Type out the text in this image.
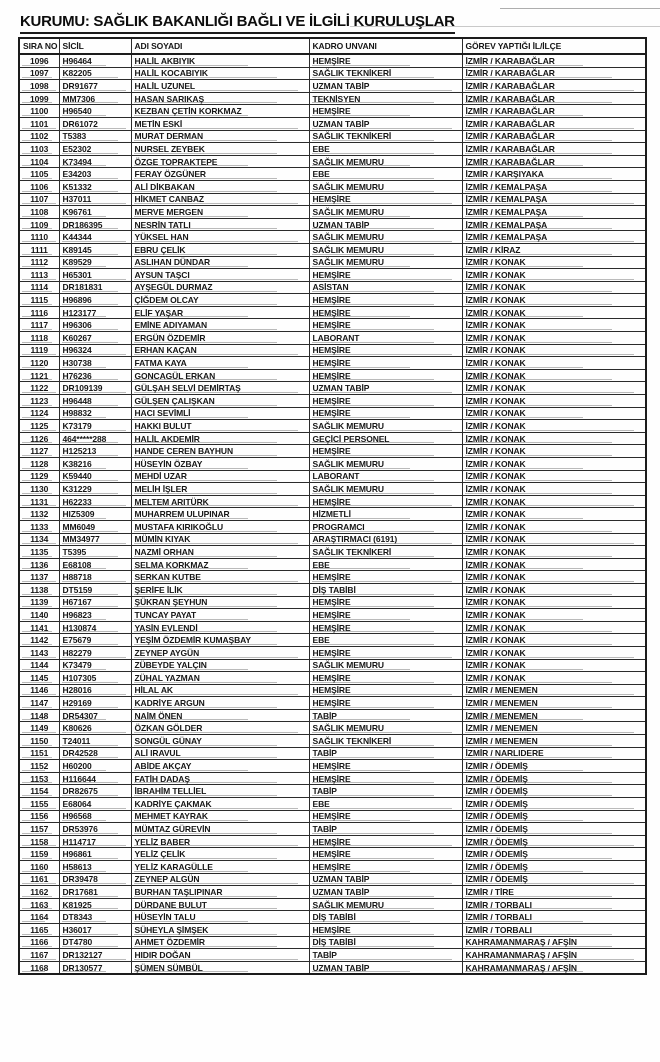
KURUMU: SAĞLIK BAKANLIĞI BAĞLI VE İLGİLİ KURULUŞLAR
SIRA NO	SİCİL	ADI SOYADI	KADRO UNVANI	GÖREV YAPTIĞI İL/İLÇE
1096	H96464	HALİL AKBIYIK	HEMŞİRE	İZMİR / KARABAĞLAR
1097	K82205	HALİL KOCABIYIK	SAĞLIK TEKNİKERİ	İZMİR / KARABAĞLAR
1098	DR91677	HALİL UZUNEL	UZMAN TABİP	İZMİR / KARABAĞLAR
1099	MM7306	HASAN SARIKAŞ	TEKNİSYEN	İZMİR / KARABAĞLAR
1100	H96540	KEZBAN ÇETİN KORKMAZ	HEMŞİRE	İZMİR / KARABAĞLAR
1101	DR61072	METİN ESKİ	UZMAN TABİP	İZMİR / KARABAĞLAR
1102	T5383	MURAT DERMAN	SAĞLIK TEKNİKERİ	İZMİR / KARABAĞLAR
1103	E52302	NURSEL ZEYBEK	EBE	İZMİR / KARABAĞLAR
1104	K73494	ÖZGE TOPRAKTEPE	SAĞLIK MEMURU	İZMİR / KARABAĞLAR
1105	E34203	FERAY ÖZGÜNER	EBE	İZMİR / KARŞIYAKA
1106	K51332	ALİ DİKBAKAN	SAĞLIK MEMURU	İZMİR / KEMALPAŞA
1107	H37011	HİKMET CANBAZ	HEMŞİRE	İZMİR / KEMALPAŞA
1108	K96761	MERVE MERGEN	SAĞLIK MEMURU	İZMİR / KEMALPAŞA
1109	DR186395	NESRİN TATLI	UZMAN TABİP	İZMİR / KEMALPAŞA
1110	K44344	YÜKSEL HAN	SAĞLIK MEMURU	İZMİR / KEMALPAŞA
1111	K89145	EBRU ÇELİK	SAĞLIK MEMURU	İZMİR / KİRAZ
1112	K89529	ASLIHAN DÜNDAR	SAĞLIK MEMURU	İZMİR / KONAK
1113	H65301	AYSUN TAŞCI	HEMŞİRE	İZMİR / KONAK
1114	DR181831	AYŞEGÜL DURMAZ	ASİSTAN	İZMİR / KONAK
1115	H96896	ÇİĞDEM OLCAY	HEMŞİRE	İZMİR / KONAK
1116	H123177	ELİF YAŞAR	HEMŞİRE	İZMİR / KONAK
1117	H96306	EMİNE ADIYAMAN	HEMŞİRE	İZMİR / KONAK
1118	K60267	ERGÜN ÖZDEMİR	LABORANT	İZMİR / KONAK
1119	H96324	ERHAN KAÇAN	HEMŞİRE	İZMİR / KONAK
1120	H30738	FATMA KAYA	HEMŞİRE	İZMİR / KONAK
1121	H76236	GONCAGÜL ERKAN	HEMŞİRE	İZMİR / KONAK
1122	DR109139	GÜLŞAH SELVİ DEMİRTAŞ	UZMAN TABİP	İZMİR / KONAK
1123	H96448	GÜLŞEN ÇALIŞKAN	HEMŞİRE	İZMİR / KONAK
1124	H98832	HACI SEVİMLİ	HEMŞİRE	İZMİR / KONAK
1125	K73179	HAKKI BULUT	SAĞLIK MEMURU	İZMİR / KONAK
1126	464*****288	HALİL AKDEMİR	GEÇİCİ PERSONEL	İZMİR / KONAK
1127	H125213	HANDE CEREN BAYHUN	HEMŞİRE	İZMİR / KONAK
1128	K38216	HÜSEYİN ÖZBAY	SAĞLIK MEMURU	İZMİR / KONAK
1129	K59440	MEHDİ UZAR	LABORANT	İZMİR / KONAK
1130	K31229	MELİH İŞLER	SAĞLIK MEMURU	İZMİR / KONAK
1131	H62233	MELTEM ARITÜRK	HEMŞİRE	İZMİR / KONAK
1132	HIZ5309	MUHARREM ULUPINAR	HİZMETLİ	İZMİR / KONAK
1133	MM6049	MUSTAFA KIRIKOĞLU	PROGRAMCI	İZMİR / KONAK
1134	MM34977	MÜMİN KIYAK	ARAŞTIRMACI (6191)	İZMİR / KONAK
1135	T5395	NAZMİ ORHAN	SAĞLIK TEKNİKERİ	İZMİR / KONAK
1136	E68108	SELMA KORKMAZ	EBE	İZMİR / KONAK
1137	H88718	SERKAN KUTBE	HEMŞİRE	İZMİR / KONAK
1138	DT5159	ŞERİFE İLİK	DİŞ TABİBİ	İZMİR / KONAK
1139	H67167	ŞÜKRAN ŞEYHUN	HEMŞİRE	İZMİR / KONAK
1140	H96823	TUNCAY PAYAT	HEMŞİRE	İZMİR / KONAK
1141	H130874	YASİN EVLENDİ	HEMŞİRE	İZMİR / KONAK
1142	E75679	YEŞİM ÖZDEMİR KUMAŞBAY	EBE	İZMİR / KONAK
1143	H82279	ZEYNEP AYGÜN	HEMŞİRE	İZMİR / KONAK
1144	K73479	ZÜBEYDE YALÇIN	SAĞLIK MEMURU	İZMİR / KONAK
1145	H107305	ZÜHAL YAZMAN	HEMŞİRE	İZMİR / KONAK
1146	H28016	HİLAL AK	HEMŞİRE	İZMİR / MENEMEN
1147	H29169	KADRİYE ARGUN	HEMŞİRE	İZMİR / MENEMEN
1148	DR54307	NAİM ÖNEN	TABİP	İZMİR / MENEMEN
1149	K80626	ÖZKAN GÖLDER	SAĞLIK MEMURU	İZMİR / MENEMEN
1150	T24011	SONGÜL GÜNAY	SAĞLIK TEKNİKERİ	İZMİR / MENEMEN
1151	DR42528	ALİ IRAVUL	TABİP	İZMİR / NARLIDERE
1152	H60200	ABİDE AKÇAY	HEMŞİRE	İZMİR / ÖDEMİŞ
1153	H116644	FATİH DADAŞ	HEMŞİRE	İZMİR / ÖDEMİŞ
1154	DR82675	İBRAHİM TELLİEL	TABİP	İZMİR / ÖDEMİŞ
1155	E68064	KADRİYE ÇAKMAK	EBE	İZMİR / ÖDEMİŞ
1156	H96568	MEHMET KAYRAK	HEMŞİRE	İZMİR / ÖDEMİŞ
1157	DR53976	MÜMTAZ GÜREVİN	TABİP	İZMİR / ÖDEMİŞ
1158	H114717	YELİZ BABER	HEMŞİRE	İZMİR / ÖDEMİŞ
1159	H96861	YELİZ ÇELİK	HEMŞİRE	İZMİR / ÖDEMİŞ
1160	H58613	YELİZ KARAGÜLLE	HEMŞİRE	İZMİR / ÖDEMİŞ
1161	DR39478	ZEYNEP ALGÜN	UZMAN TABİP	İZMİR / ÖDEMİŞ
1162	DR17681	BURHAN TAŞLIPINAR	UZMAN TABİP	İZMİR / TİRE
1163	K81925	DÜRDANE BULUT	SAĞLIK MEMURU	İZMİR / TORBALI
1164	DT8343	HÜSEYİN TALU	DİŞ TABİBİ	İZMİR / TORBALI
1165	H36017	SÜHEYLA ŞİMŞEK	HEMŞİRE	İZMİR / TORBALI
1166	DT4780	AHMET ÖZDEMİR	DİŞ TABİBİ	KAHRAMANMARAŞ / AFŞİN
1167	DR132127	HIDIR DOĞAN	TABİP	KAHRAMANMARAŞ / AFŞİN
1168	DR130577	ŞÜMEN SÜMBÜL	UZMAN TABİP	KAHRAMANMARAŞ / AFŞİN
